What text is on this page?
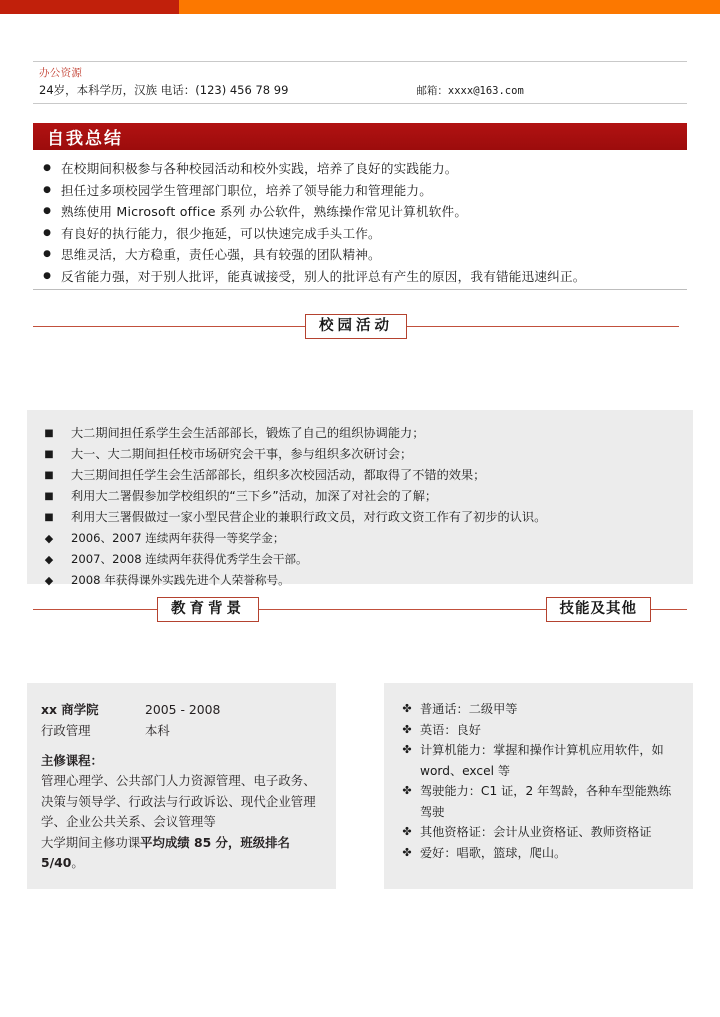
办公资源
24岁，本科学历，汉族 电话：(123) 456 78 99	邮箱：xxxx@163.com
自我总结
● 在校期间积极参与各种校园活动和校外实践，培养了良好的实践能力。
● 担任过多项校园学生管理部门职位，培养了领导能力和管理能力。
● 熟练使用 Microsoft office 系列 办公软件，熟练操作常见计算机软件。
● 有良好的执行能力，很少拖延，可以快速完成手头工作。
● 思维灵活，大方稳重，责任心强，具有较强的团队精神。
● 反省能力强，对于别人批评，能真诚接受，别人的批评总有产生的原因，我有错能迅速纠正。
校园活动
■	大二期间担任系学生会生活部部长，锻炼了自己的组织协调能力；
■	大一、大二期间担任校市场研究会干事，参与组织多次研讨会；
■	大三期间担任学生会生活部部长，组织多次校园活动，都取得了不错的效果；
■	利用大二署假参加学校组织的“三下乡”活动，加深了对社会的了解；
■	利用大三署假做过一家小型民营企业的兼职行政文员，对行政文资工作有了初步的认识。
◆	2006、2007 连续两年获得一等奖学金；
◆	2007、2008 连续两年获得优秀学生会干部。
◆	2008 年获得课外实践先进个人荣誉称号。
教育背景	技能及其他
xx 商学院	2005 - 2008
行政管理	本科
主修课程：
管理心理学、公共部门人力资源管理、电子政务、决策与领导学、行政法与行政诉讼、现代企业管理学、企业公共关系、会议管理等
大学期间主修功课平均成绩 85 分，班级排名 5/40。
✤ 普通话：二级甲等
✤ 英语：良好
✤ 计算机能力：掌握和操作计算机应用软件，如 word、excel 等
✤ 驾驶能力：C1 证，2 年驾龄，各种车型能熟练驾驶
✤ 其他资格证：会计从业资格证、教师资格证
✤ 爱好：唱歌，篮球，爬山。
